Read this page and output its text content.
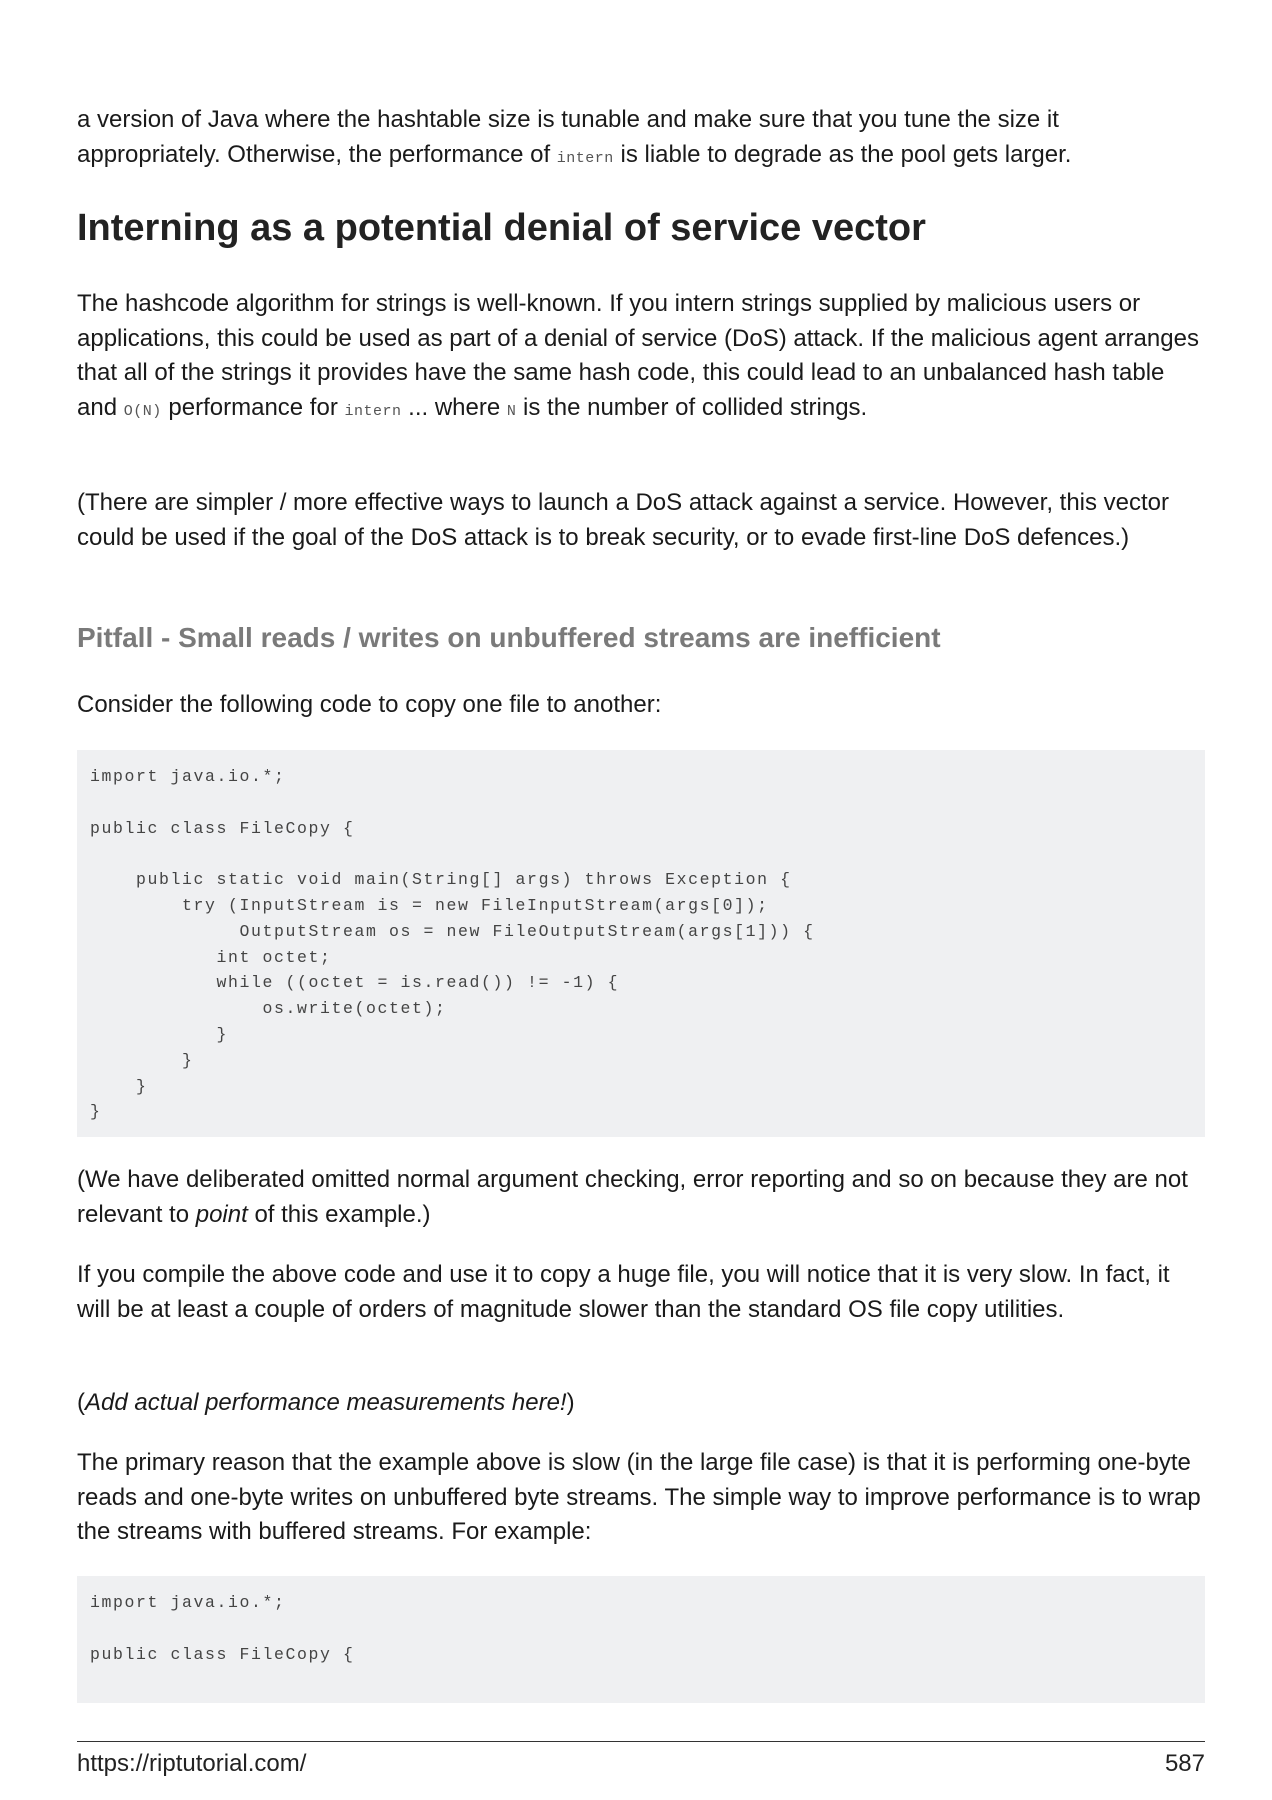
a version of Java where the hashtable size is tunable and make sure that you tune the size it appropriately. Otherwise, the performance of intern is liable to degrade as the pool gets larger.

Interning as a potential denial of service vector

The hashcode algorithm for strings is well-known. If you intern strings supplied by malicious users or applications, this could be used as part of a denial of service (DoS) attack. If the malicious agent arranges that all of the strings it provides have the same hash code, this could lead to an unbalanced hash table and O(N) performance for intern ... where N is the number of collided strings.

(There are simpler / more effective ways to launch a DoS attack against a service. However, this vector could be used if the goal of the DoS attack is to break security, or to evade first-line DoS defences.)

Pitfall - Small reads / writes on unbuffered streams are inefficient

Consider the following code to copy one file to another:

import java.io.*;

public class FileCopy {

public static void main(String[] args) throws Exception {
try (InputStream is = new FileInputStream(args[0]);
OutputStream os = new FileOutputStream(args[1])) {
int octet;
while ((octet = is.read()) != -1) {
os.write(octet);
}
}
}
}

(We have deliberated omitted normal argument checking, error reporting and so on because they are not relevant to point of this example.)

If you compile the above code and use it to copy a huge file, you will notice that it is very slow. In fact, it will be at least a couple of orders of magnitude slower than the standard OS file copy utilities.

(Add actual performance measurements here!)

The primary reason that the example above is slow (in the large file case) is that it is performing one-byte reads and one-byte writes on unbuffered byte streams. The simple way to improve performance is to wrap the streams with buffered streams. For example:

import java.io.*;

public class FileCopy {
https://riptutorial.com/	587
